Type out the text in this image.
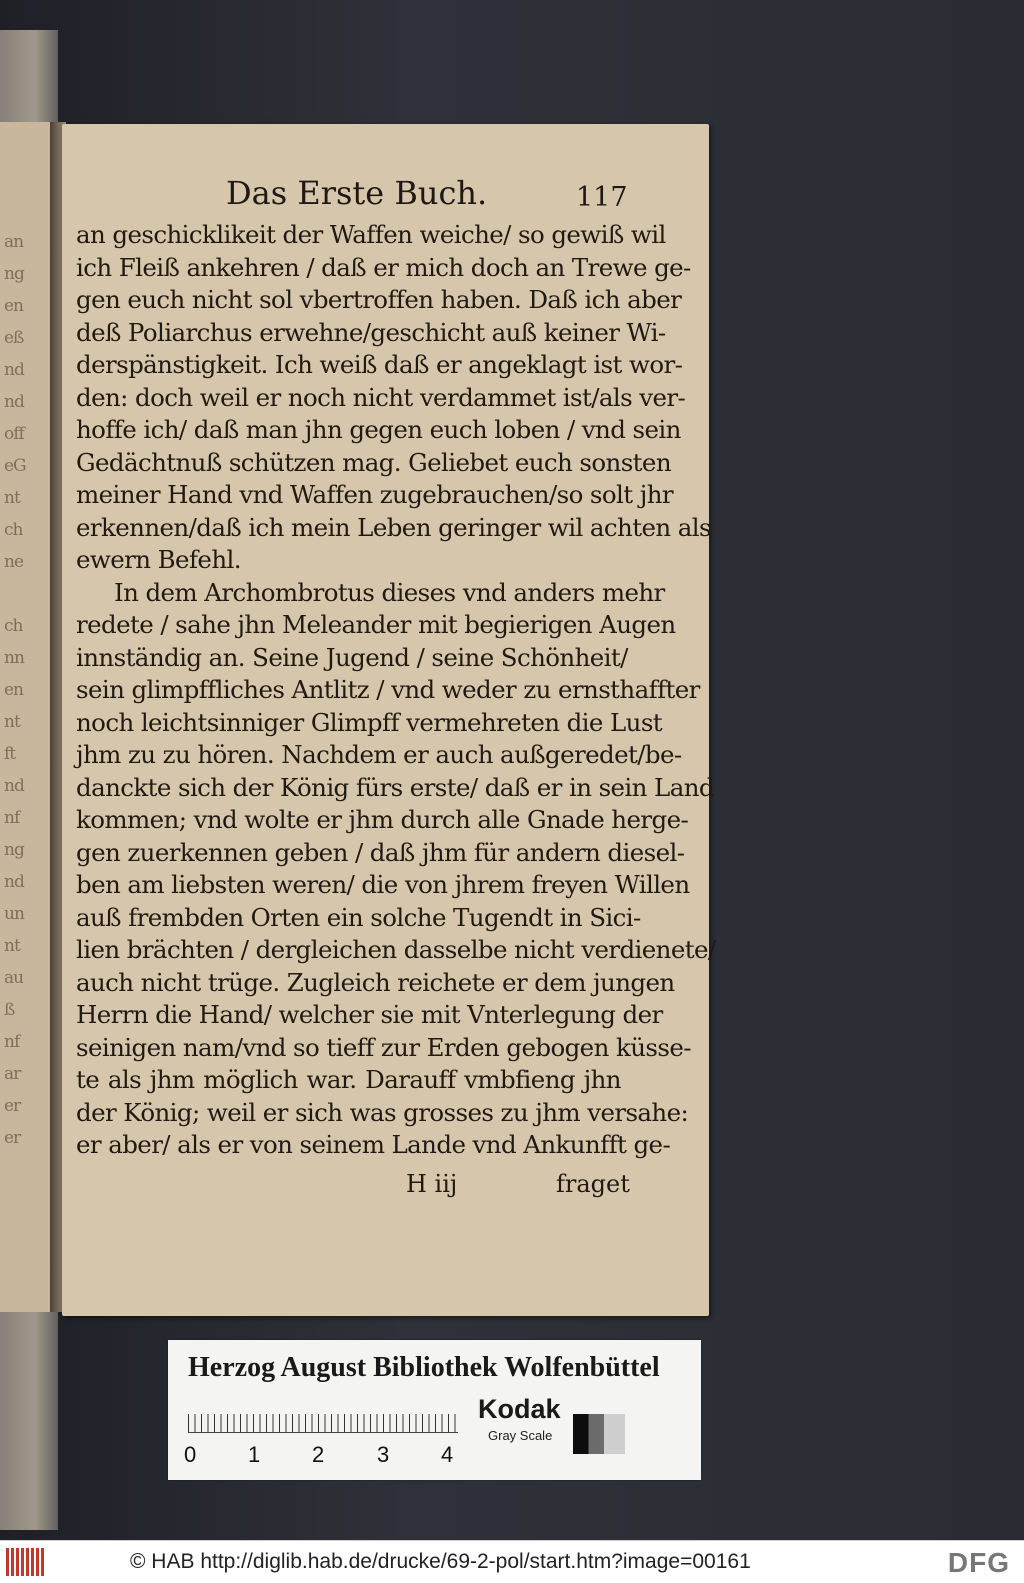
an
ng
en
eß
nd
nd
off
eG
nt
ch
ne
ch
nn
en
nt
ft
nd
nf
ng
nd
un
nt
au
ß
nf
ar
er
er
Das Erste Buch.	117
an geschicklikeit der Waffen weiche/ so gewiß wil
ich Fleiß ankehren / daß er mich doch an Trewe ge-
gen euch nicht sol vbertroffen haben. Daß ich aber
deß Poliarchus erwehne/geschicht auß keiner Wi-
derspänstigkeit. Ich weiß daß er angeklagt ist wor-
den: doch weil er noch nicht verdammet ist/als ver-
hoffe ich/ daß man jhn gegen euch loben / vnd sein
Gedächtnuß schützen mag. Geliebet euch sonsten
meiner Hand vnd Waffen zugebrauchen/so solt jhr
erkennen/daß ich mein Leben geringer wil achten als
ewern Befehl.
In dem Archombrotus dieses vnd anders mehr
redete / sahe jhn Meleander mit begierigen Augen
innständig an. Seine Jugend / seine Schönheit/
sein glimpffliches Antlitz / vnd weder zu ernsthaffter
noch leichtsinniger Glimpff vermehreten die Lust
jhm zu zu hören. Nachdem er auch außgeredet/be-
danckte sich der König fürs erste/ daß er in sein Land
kommen; vnd wolte er jhm durch alle Gnade herge-
gen zuerkennen geben / daß jhm für andern diesel-
ben am liebsten weren/ die von jhrem freyen Willen
auß frembden Orten ein solche Tugendt in Sici-
lien brächten / dergleichen dasselbe nicht verdienete/
auch nicht trüge. Zugleich reichete er dem jungen
Herrn die Hand/ welcher sie mit Vnterlegung der
seinigen nam/vnd so tieff zur Erden gebogen küsse-
te als jhm möglich war. Darauff vmbfieng jhn
der König; weil er sich was grosses zu jhm versahe:
er aber/ als er von seinem Lande vnd Ankunfft ge-
H iij	fraget
Herzog August Bibliothek Wolfenbüttel
0 1 2 3 4
Kodak
Gray Scale
© HAB http://diglib.hab.de/drucke/69-2-pol/start.htm?image=00161	DFG
